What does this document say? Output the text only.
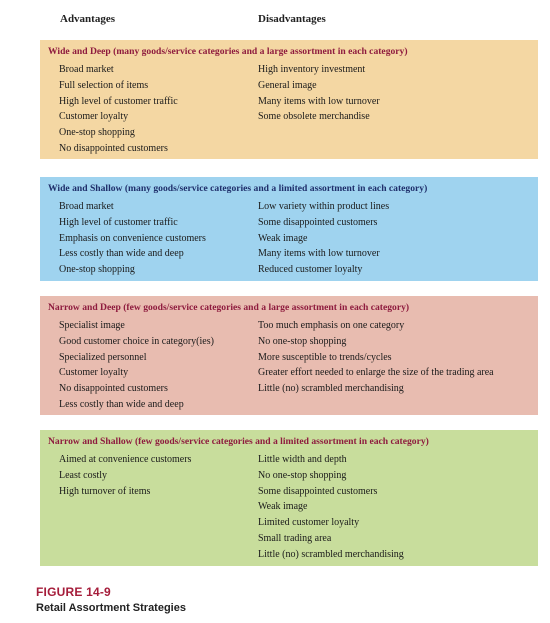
Advantages	Disadvantages
Wide and Deep (many goods/service categories and a large assortment in each category)
Broad market
Full selection of items
High level of customer traffic
Customer loyalty
One-stop shopping
No disappointed customers
High inventory investment
General image
Many items with low turnover
Some obsolete merchandise
Wide and Shallow (many goods/service categories and a limited assortment in each category)
Broad market
High level of customer traffic
Emphasis on convenience customers
Less costly than wide and deep
One-stop shopping
Low variety within product lines
Some disappointed customers
Weak image
Many items with low turnover
Reduced customer loyalty
Narrow and Deep (few goods/service categories and a large assortment in each category)
Specialist image
Good customer choice in category(ies)
Specialized personnel
Customer loyalty
No disappointed customers
Less costly than wide and deep
Too much emphasis on one category
No one-stop shopping
More susceptible to trends/cycles
Greater effort needed to enlarge the size of the trading area
Little (no) scrambled merchandising
Narrow and Shallow (few goods/service categories and a limited assortment in each category)
Aimed at convenience customers
Least costly
High turnover of items
Little width and depth
No one-stop shopping
Some disappointed customers
Weak image
Limited customer loyalty
Small trading area
Little (no) scrambled merchandising
FIGURE 14-9
Retail Assortment Strategies
